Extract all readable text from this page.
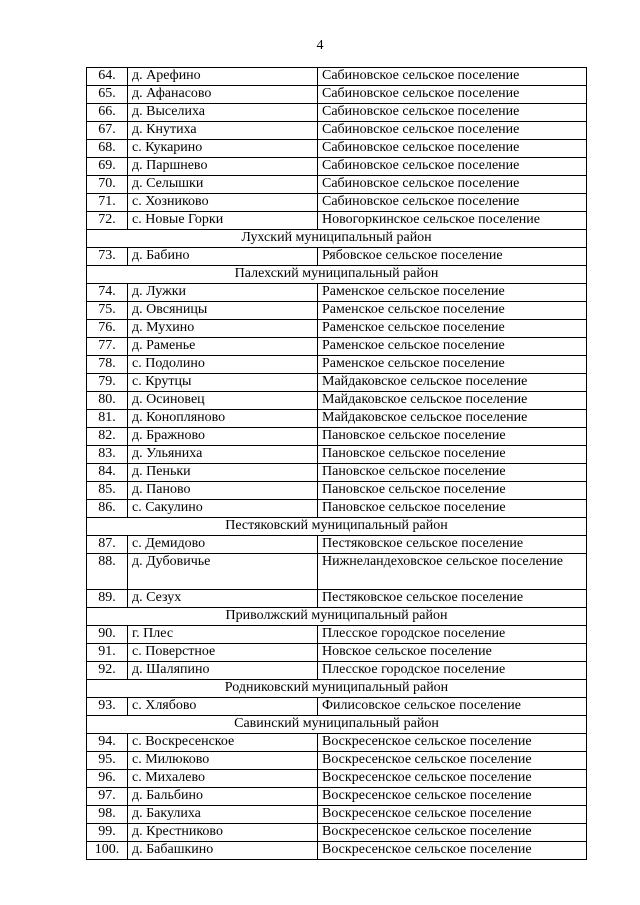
4
64.	д. Арефино	Сабиновское сельское поселение
65.	д. Афанасово	Сабиновское сельское поселение
66.	д. Выселиха	Сабиновское сельское поселение
67.	д. Кнутиха	Сабиновское сельское поселение
68.	с. Кукарино	Сабиновское сельское поселение
69.	д. Паршнево	Сабиновское сельское поселение
70.	д. Селышки	Сабиновское сельское поселение
71.	с. Хозниково	Сабиновское сельское поселение
72.	с. Новые Горки	Новогоркинское сельское поселение
Лухский муниципальный район		
73.	д. Бабино	Рябовское сельское поселение
Палехский муниципальный район		
74.	д. Лужки	Раменское сельское поселение
75.	д. Овсяницы	Раменское сельское поселение
76.	д. Мухино	Раменское сельское поселение
77.	д. Раменье	Раменское сельское поселение
78.	с. Подолино	Раменское сельское поселение
79.	с. Крутцы	Майдаковское сельское поселение
80.	д. Осиновец	Майдаковское сельское поселение
81.	д. Конопляново	Майдаковское сельское поселение
82.	д. Бражново	Пановское сельское поселение
83.	д. Ульяниха	Пановское сельское поселение
84.	д. Пеньки	Пановское сельское поселение
85.	д. Паново	Пановское сельское поселение
86.	с. Сакулино	Пановское сельское поселение
Пестяковский муниципальный район		
87.	с. Демидово	Пестяковское сельское поселение
88.	д. Дубовичье	Нижнеландеховское сельское поселение
89.	д. Сезух	Пестяковское сельское поселение
Приволжский муниципальный район		
90.	г. Плес	Плесское городское поселение
91.	с. Поверстное	Новское сельское поселение
92.	д. Шаляпино	Плесское городское поселение
Родниковский муниципальный район		
93.	с. Хлябово	Филисовское сельское поселение
Савинский муниципальный район		
94.	с. Воскресенское	Воскресенское сельское поселение
95.	с. Милюково	Воскресенское сельское поселение
96.	с. Михалево	Воскресенское сельское поселение
97.	д. Бальбино	Воскресенское сельское поселение
98.	д. Бакулиха	Воскресенское сельское поселение
99.	д. Крестниково	Воскресенское сельское поселение
100.	д. Бабашкино	Воскресенское сельское поселение
